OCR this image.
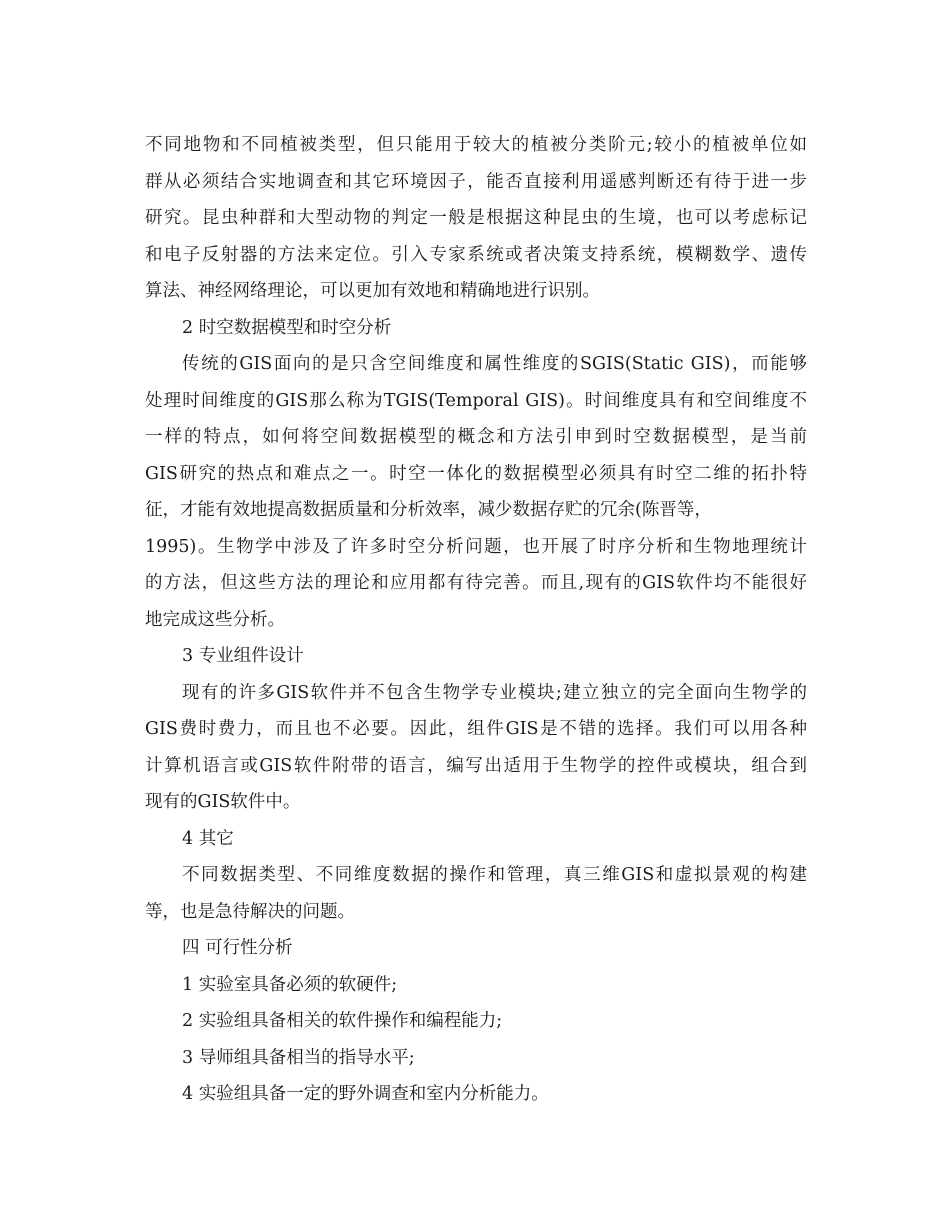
不同地物和不同植被类型，但只能用于较大的植被分类阶元;较小的植被单位如
群从必须结合实地调查和其它环境因子，能否直接利用遥感判断还有待于进一步
研究。昆虫种群和大型动物的判定一般是根据这种昆虫的生境，也可以考虑标记
和电子反射器的方法来定位。引入专家系统或者决策支持系统，模糊数学、遗传
算法、神经网络理论，可以更加有效地和精确地进行识别。
2 时空数据模型和时空分析
传统的GIS面向的是只含空间维度和属性维度的SGIS(Static GIS)，而能够
处理时间维度的GIS那么称为TGIS(Temporal GIS)。时间维度具有和空间维度不
一样的特点，如何将空间数据模型的概念和方法引申到时空数据模型，是当前
GIS研究的热点和难点之一。时空一体化的数据模型必须具有时空二维的拓扑特
征，才能有效地提高数据质量和分析效率，减少数据存贮的冗余(陈晋等，
1995)。生物学中涉及了许多时空分析问题，也开展了时序分析和生物地理统计
的方法，但这些方法的理论和应用都有待完善。而且,现有的GIS软件均不能很好
地完成这些分析。
3 专业组件设计
现有的许多GIS软件并不包含生物学专业模块;建立独立的完全面向生物学的
GIS费时费力，而且也不必要。因此，组件GIS是不错的选择。我们可以用各种
计算机语言或GIS软件附带的语言，编写出适用于生物学的控件或模块，组合到
现有的GIS软件中。
4 其它
不同数据类型、不同维度数据的操作和管理，真三维GIS和虚拟景观的构建
等，也是急待解决的问题。
四 可行性分析
1 实验室具备必须的软硬件;
2 实验组具备相关的软件操作和编程能力;
3 导师组具备相当的指导水平;
4 实验组具备一定的野外调查和室内分析能力。
